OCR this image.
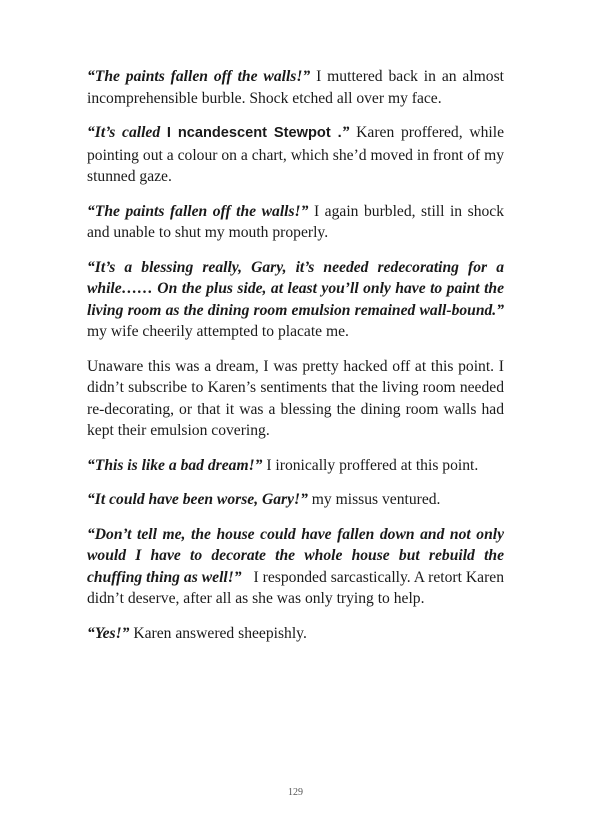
“The paints fallen off the walls!” I muttered back in an almost incomprehensible burble. Shock etched all over my face.

“It’s called I ncandescent Stewpot .” Karen proffered, while pointing out a colour on a chart, which she’d moved in front of my stunned gaze.

“The paints fallen off the walls!” I again burbled, still in shock and unable to shut my mouth properly.

“It’s a blessing really, Gary, it’s needed redecorating for a while…… On the plus side, at least you’ll only have to paint the living room as the dining room emulsion remained wall-bound.” my wife cheerily attempted to placate me.

Unaware this was a dream, I was pretty hacked off at this point. I didn’t subscribe to Karen’s sentiments that the living room needed re-decorating, or that it was a blessing the dining room walls had kept their emulsion covering.

“This is like a bad dream!” I ironically proffered at this point.

“It could have been worse, Gary!” my missus ventured.

“Don’t tell me, the house could have fallen down and not only would I have to decorate the whole house but rebuild the chuffing thing as well!”   I responded sarcastically. A retort Karen didn’t deserve, after all as she was only trying to help.

“Yes!” Karen answered sheepishly.

129
